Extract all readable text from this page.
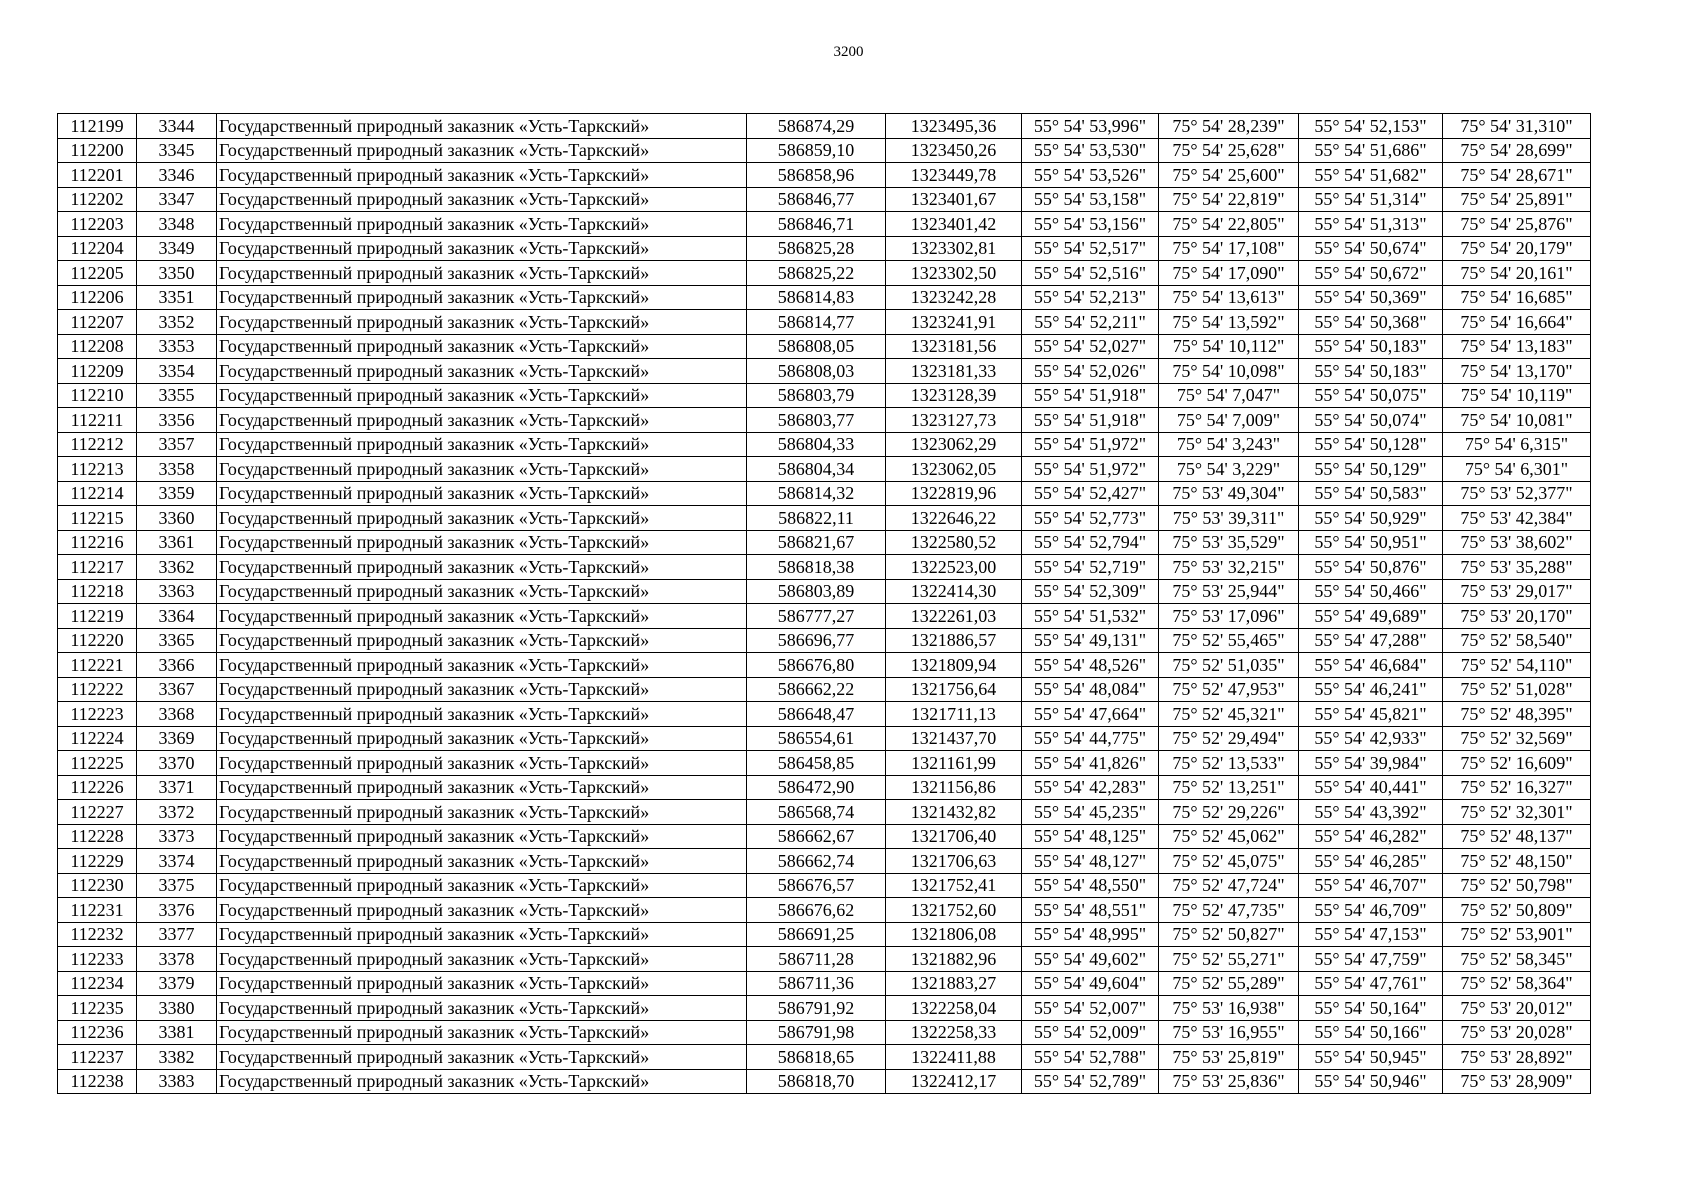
3200
112199	3344	Государственный природный заказник «Усть-Таркский»	586874,29	1323495,36	55° 54' 53,996"	75° 54' 28,239"	55° 54' 52,153"	75° 54' 31,310"
112200	3345	Государственный природный заказник «Усть-Таркский»	586859,10	1323450,26	55° 54' 53,530"	75° 54' 25,628"	55° 54' 51,686"	75° 54' 28,699"
112201	3346	Государственный природный заказник «Усть-Таркский»	586858,96	1323449,78	55° 54' 53,526"	75° 54' 25,600"	55° 54' 51,682"	75° 54' 28,671"
112202	3347	Государственный природный заказник «Усть-Таркский»	586846,77	1323401,67	55° 54' 53,158"	75° 54' 22,819"	55° 54' 51,314"	75° 54' 25,891"
112203	3348	Государственный природный заказник «Усть-Таркский»	586846,71	1323401,42	55° 54' 53,156"	75° 54' 22,805"	55° 54' 51,313"	75° 54' 25,876"
112204	3349	Государственный природный заказник «Усть-Таркский»	586825,28	1323302,81	55° 54' 52,517"	75° 54' 17,108"	55° 54' 50,674"	75° 54' 20,179"
112205	3350	Государственный природный заказник «Усть-Таркский»	586825,22	1323302,50	55° 54' 52,516"	75° 54' 17,090"	55° 54' 50,672"	75° 54' 20,161"
112206	3351	Государственный природный заказник «Усть-Таркский»	586814,83	1323242,28	55° 54' 52,213"	75° 54' 13,613"	55° 54' 50,369"	75° 54' 16,685"
112207	3352	Государственный природный заказник «Усть-Таркский»	586814,77	1323241,91	55° 54' 52,211"	75° 54' 13,592"	55° 54' 50,368"	75° 54' 16,664"
112208	3353	Государственный природный заказник «Усть-Таркский»	586808,05	1323181,56	55° 54' 52,027"	75° 54' 10,112"	55° 54' 50,183"	75° 54' 13,183"
112209	3354	Государственный природный заказник «Усть-Таркский»	586808,03	1323181,33	55° 54' 52,026"	75° 54' 10,098"	55° 54' 50,183"	75° 54' 13,170"
112210	3355	Государственный природный заказник «Усть-Таркский»	586803,79	1323128,39	55° 54' 51,918"	75° 54' 7,047"	55° 54' 50,075"	75° 54' 10,119"
112211	3356	Государственный природный заказник «Усть-Таркский»	586803,77	1323127,73	55° 54' 51,918"	75° 54' 7,009"	55° 54' 50,074"	75° 54' 10,081"
112212	3357	Государственный природный заказник «Усть-Таркский»	586804,33	1323062,29	55° 54' 51,972"	75° 54' 3,243"	55° 54' 50,128"	75° 54' 6,315"
112213	3358	Государственный природный заказник «Усть-Таркский»	586804,34	1323062,05	55° 54' 51,972"	75° 54' 3,229"	55° 54' 50,129"	75° 54' 6,301"
112214	3359	Государственный природный заказник «Усть-Таркский»	586814,32	1322819,96	55° 54' 52,427"	75° 53' 49,304"	55° 54' 50,583"	75° 53' 52,377"
112215	3360	Государственный природный заказник «Усть-Таркский»	586822,11	1322646,22	55° 54' 52,773"	75° 53' 39,311"	55° 54' 50,929"	75° 53' 42,384"
112216	3361	Государственный природный заказник «Усть-Таркский»	586821,67	1322580,52	55° 54' 52,794"	75° 53' 35,529"	55° 54' 50,951"	75° 53' 38,602"
112217	3362	Государственный природный заказник «Усть-Таркский»	586818,38	1322523,00	55° 54' 52,719"	75° 53' 32,215"	55° 54' 50,876"	75° 53' 35,288"
112218	3363	Государственный природный заказник «Усть-Таркский»	586803,89	1322414,30	55° 54' 52,309"	75° 53' 25,944"	55° 54' 50,466"	75° 53' 29,017"
112219	3364	Государственный природный заказник «Усть-Таркский»	586777,27	1322261,03	55° 54' 51,532"	75° 53' 17,096"	55° 54' 49,689"	75° 53' 20,170"
112220	3365	Государственный природный заказник «Усть-Таркский»	586696,77	1321886,57	55° 54' 49,131"	75° 52' 55,465"	55° 54' 47,288"	75° 52' 58,540"
112221	3366	Государственный природный заказник «Усть-Таркский»	586676,80	1321809,94	55° 54' 48,526"	75° 52' 51,035"	55° 54' 46,684"	75° 52' 54,110"
112222	3367	Государственный природный заказник «Усть-Таркский»	586662,22	1321756,64	55° 54' 48,084"	75° 52' 47,953"	55° 54' 46,241"	75° 52' 51,028"
112223	3368	Государственный природный заказник «Усть-Таркский»	586648,47	1321711,13	55° 54' 47,664"	75° 52' 45,321"	55° 54' 45,821"	75° 52' 48,395"
112224	3369	Государственный природный заказник «Усть-Таркский»	586554,61	1321437,70	55° 54' 44,775"	75° 52' 29,494"	55° 54' 42,933"	75° 52' 32,569"
112225	3370	Государственный природный заказник «Усть-Таркский»	586458,85	1321161,99	55° 54' 41,826"	75° 52' 13,533"	55° 54' 39,984"	75° 52' 16,609"
112226	3371	Государственный природный заказник «Усть-Таркский»	586472,90	1321156,86	55° 54' 42,283"	75° 52' 13,251"	55° 54' 40,441"	75° 52' 16,327"
112227	3372	Государственный природный заказник «Усть-Таркский»	586568,74	1321432,82	55° 54' 45,235"	75° 52' 29,226"	55° 54' 43,392"	75° 52' 32,301"
112228	3373	Государственный природный заказник «Усть-Таркский»	586662,67	1321706,40	55° 54' 48,125"	75° 52' 45,062"	55° 54' 46,282"	75° 52' 48,137"
112229	3374	Государственный природный заказник «Усть-Таркский»	586662,74	1321706,63	55° 54' 48,127"	75° 52' 45,075"	55° 54' 46,285"	75° 52' 48,150"
112230	3375	Государственный природный заказник «Усть-Таркский»	586676,57	1321752,41	55° 54' 48,550"	75° 52' 47,724"	55° 54' 46,707"	75° 52' 50,798"
112231	3376	Государственный природный заказник «Усть-Таркский»	586676,62	1321752,60	55° 54' 48,551"	75° 52' 47,735"	55° 54' 46,709"	75° 52' 50,809"
112232	3377	Государственный природный заказник «Усть-Таркский»	586691,25	1321806,08	55° 54' 48,995"	75° 52' 50,827"	55° 54' 47,153"	75° 52' 53,901"
112233	3378	Государственный природный заказник «Усть-Таркский»	586711,28	1321882,96	55° 54' 49,602"	75° 52' 55,271"	55° 54' 47,759"	75° 52' 58,345"
112234	3379	Государственный природный заказник «Усть-Таркский»	586711,36	1321883,27	55° 54' 49,604"	75° 52' 55,289"	55° 54' 47,761"	75° 52' 58,364"
112235	3380	Государственный природный заказник «Усть-Таркский»	586791,92	1322258,04	55° 54' 52,007"	75° 53' 16,938"	55° 54' 50,164"	75° 53' 20,012"
112236	3381	Государственный природный заказник «Усть-Таркский»	586791,98	1322258,33	55° 54' 52,009"	75° 53' 16,955"	55° 54' 50,166"	75° 53' 20,028"
112237	3382	Государственный природный заказник «Усть-Таркский»	586818,65	1322411,88	55° 54' 52,788"	75° 53' 25,819"	55° 54' 50,945"	75° 53' 28,892"
112238	3383	Государственный природный заказник «Усть-Таркский»	586818,70	1322412,17	55° 54' 52,789"	75° 53' 25,836"	55° 54' 50,946"	75° 53' 28,909"
